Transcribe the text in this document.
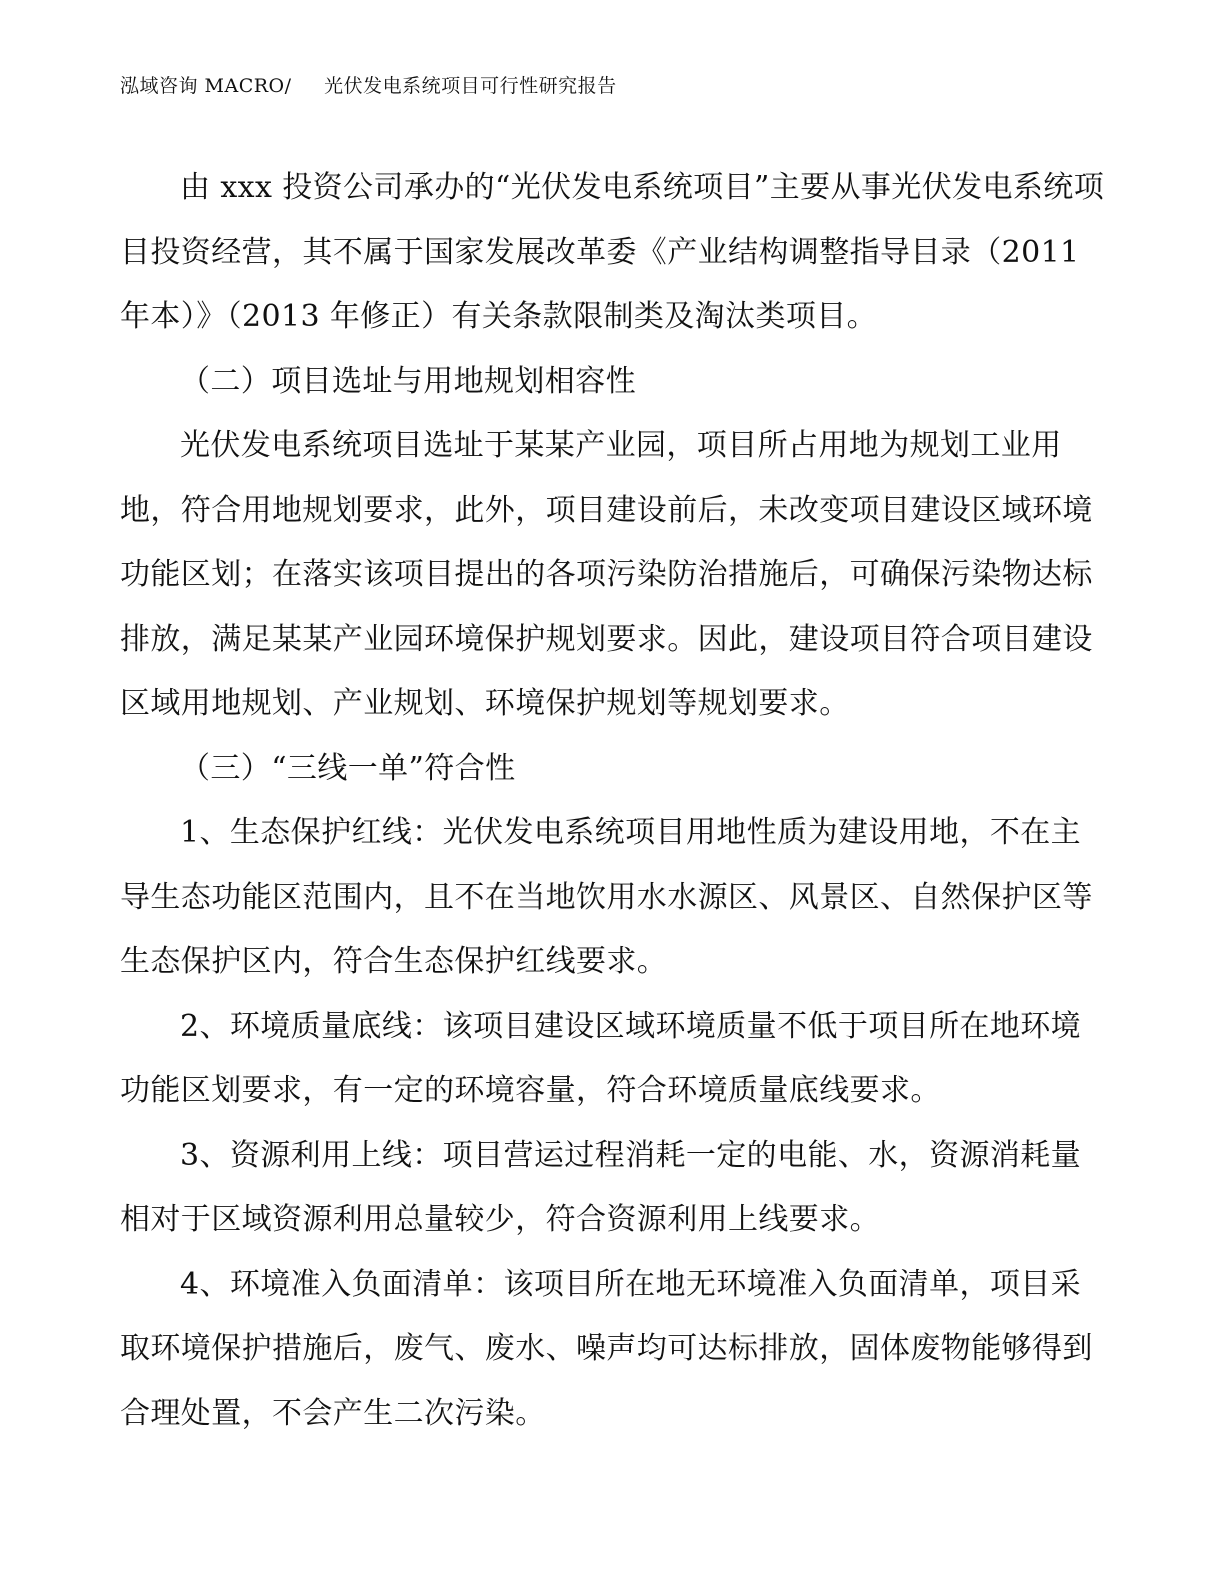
泓域咨询 MACRO/ 光伏发电系统项目可行性研究报告

由 xxx 投资公司承办的“光伏发电系统项目”主要从事光伏发电系统项目投资经营，其不属于国家发展改革委《产业结构调整指导目录（2011 年本）》（2013 年修正）有关条款限制类及淘汰类项目。

（二）项目选址与用地规划相容性

光伏发电系统项目选址于某某产业园，项目所占用地为规划工业用地，符合用地规划要求，此外，项目建设前后，未改变项目建设区域环境功能区划；在落实该项目提出的各项污染防治措施后，可确保污染物达标排放，满足某某产业园环境保护规划要求。因此，建设项目符合项目建设区域用地规划、产业规划、环境保护规划等规划要求。

（三）“三线一单”符合性

1、生态保护红线：光伏发电系统项目用地性质为建设用地，不在主导生态功能区范围内，且不在当地饮用水水源区、风景区、自然保护区等生态保护区内，符合生态保护红线要求。

2、环境质量底线：该项目建设区域环境质量不低于项目所在地环境功能区划要求，有一定的环境容量，符合环境质量底线要求。

3、资源利用上线：项目营运过程消耗一定的电能、水，资源消耗量相对于区域资源利用总量较少，符合资源利用上线要求。

4、环境准入负面清单：该项目所在地无环境准入负面清单，项目采取环境保护措施后，废气、废水、噪声均可达标排放，固体废物能够得到合理处置，不会产生二次污染。
